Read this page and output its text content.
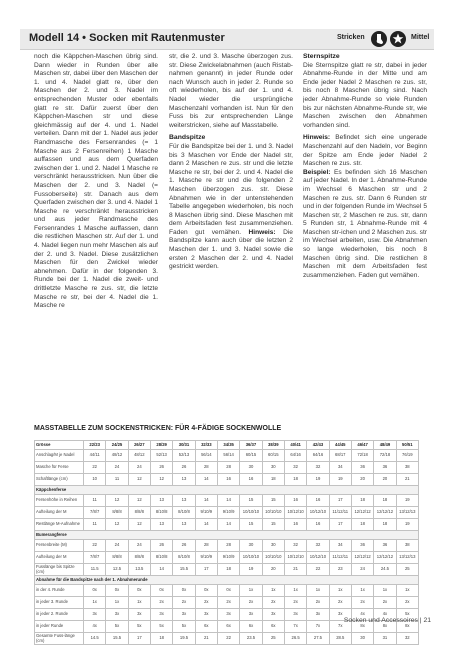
Modell 14 • Socken mit Rautenmuster	Stricken	Mittel

noch die Käppchen-Maschen übrig sind. Dann wieder in Runden über alle Maschen str, dabei über den Maschen der 1. und 4. Nadel glatt re, über den Maschen der 2. und 3. Nadel im entsprechenden Muster oder ebenfalls glatt re str. Dafür zuerst über den Käppchen-Maschen str und diese gleichmässig auf der 4. und 1. Nadel verteilen. Dann mit der 1. Nadel aus jeder Randmasche des Fersenrandes (= 1 Masche aus 2 Fersenreihen) 1 Masche auffassen und aus dem Querfaden zwischen der 1. und 2. Nadel 1 Masche re verschränkt herausstricken. Nun über die Maschen der 2. und 3. Nadel (= Fussoberseite) str. Danach aus dem Querfaden zwischen der 3. und 4. Nadel 1 Masche re verschränkt herausstricken und aus jeder Randmasche des Fersenrandes 1 Masche auffassen, dann die restlichen Maschen str. Auf der 1. und 4. Nadel liegen nun mehr Maschen als auf der 2. und 3. Nadel. Diese zusätzlichen Maschen für den Zwickel wieder abnehmen. Dafür in der folgenden 3. Runde bei der 1. Nadel die zweit- und drittletzte Masche re zus. str, die letzte Masche re str, bei der 4. Nadel die 1. Masche re

str, die 2. und 3. Masche überzogen zus. str. Diese Zwickelabnahmen (auch Ristab-nahmen genannt) in jeder Runde oder nach Wunsch auch in jeder 2. Runde so oft wiederholen, bis auf der 1. und 4. Nadel wieder die ursprüngliche Maschenzahl vorhanden ist. Nun für den Fuss bis zur entsprechenden Länge weiterstricken, siehe auf Masstabelle.

Bandspitze

Für die Bandspitze bei der 1. und 3. Nadel bis 3 Maschen vor Ende der Nadel str, dann 2 Maschen re zus. str und die letzte Masche re str, bei der 2. und 4. Nadel die 1. Masche re str und die folgenden 2 Maschen überzogen zus. str. Diese Abnahmen wie in der untenstehenden Tabelle angegeben wiederholen, bis noch 8 Maschen übrig sind. Diese Maschen mit dem Arbeitsfaden fest zusammenziehen. Faden gut vernähen. Hinweis: Die Bandspitze kann auch über die letzten 2 Maschen der 1. und 3. Nadel sowie die ersten 2 Maschen der 2. und 4. Nadel gestrickt werden.

Sternspitze

Die Sternspitze glatt re str, dabei in jeder Abnahme-Runde in der Mitte und am Ende jeder Nadel 2 Maschen re zus. str, bis noch 8 Maschen übrig sind. Nach jeder Abnahme-Runde so viele Runden bis zur nächsten Abnahme-Runde str, wie Maschen zwischen den Abnahmen vorhanden sind.

Hinweis: Befindet sich eine ungerade Maschenzahl auf den Nadeln, vor Beginn der Spitze am Ende jeder Nadel 2 Maschen re zus. str.

Beispiel: Es befinden sich 16 Maschen auf jeder Nadel. In der 1. Abnahme-Runde im Wechsel 6 Maschen str und 2 Maschen re zus. str. Dann 6 Runden str und in der folgenden Runde im Wechsel 5 Maschen str, 2 Maschen re zus. str, dann 5 Runden str, 1 Abnahme-Runde mit 4 Maschen str-ichen und 2 Maschen zus. str im Wechsel arbeiten, usw. Die Abnahmen so lange wiederholen, bis noch 8 Maschen übrig sind. Die restlichen 8 Maschen mit dem Arbeitsfaden fest zusammenziehen. Faden gut vernähen.

MASSTABELLE ZUM SOCKENSTRICKEN: FÜR 4-FÄDIGE SOCKENWOLLE
Grösse	22/23	24/25	26/27	28/29	30/31	32/33	34/35	36/37	38/39	40/41	42/43	44/45	46/47	48/49	50/51
Anschlag/M je Nadel	44/11	48/12	48/12	52/13	52/13	56/14	56/14	60/15	60/15	64/16	64/16	68/17	72/18	72/18	76/19
Masche für Ferse	22	24	24	26	26	28	28	30	30	32	32	34	36	36	38
Schaftlänge (cm)	10	11	12	12	13	14	16	16	18	18	19	19	20	20	21
Käppchenferse															
Fersenhöhe in Reihen	11	12	12	13	13	14	14	15	15	16	16	17	18	18	19
Aufteilung der M	7/8/7	8/8/8	8/8/8	8/10/8	8/10/8	9/10/9	9/10/9	10/10/10	10/10/10	10/12/10	10/12/10	11/12/11	12/12/12	12/12/12	13/12/13
Restlänge M-Aufnahme	11	12	12	13	13	14	14	15	15	16	16	17	18	18	19
Bumerangferse															
Fersenbreite (M)	22	24	24	26	26	28	28	30	30	32	32	34	36	36	38
Aufteilung der M	7/8/7	8/8/8	8/8/8	8/10/8	8/10/8	9/10/9	9/10/9	10/10/10	10/10/10	10/12/10	10/12/10	11/12/11	12/12/12	12/12/12	13/12/13
Fusslänge bis Spitze (cm)	11.5	12.5	13.5	14	15.5	17	18	19	20	21	22	23	24	24.5	25
Abnahme für die Bandspitze nach der 1. Abnahmerunde															
in der 4. Runde	0x	0x	0x	0x	0x	0x	0x	1x	1x	1x	1x	1x	1x	1x	1x
in jeder 3. Runde	1x	1x	1x	2x	2x	2x	2x	2x	2x	2x	2x	2x	2x	2x	2x
in jeder 2. Runde	3x	3x	3x	3x	3x	3x	3x	3x	3x	3x	3x	3x	4x	4x	5x
in jeder Runde	4x	5x	5x	5x	5x	6x	6x	6x	6x	7x	7x	7x	8x	8x	8x
Gesamte Fuss-länge (cm)	14.5	15.5	17	18	19.5	21	22	23.5	25	26.5	27.5	28.5	30	31	32
Socken und Accessoires | 21
